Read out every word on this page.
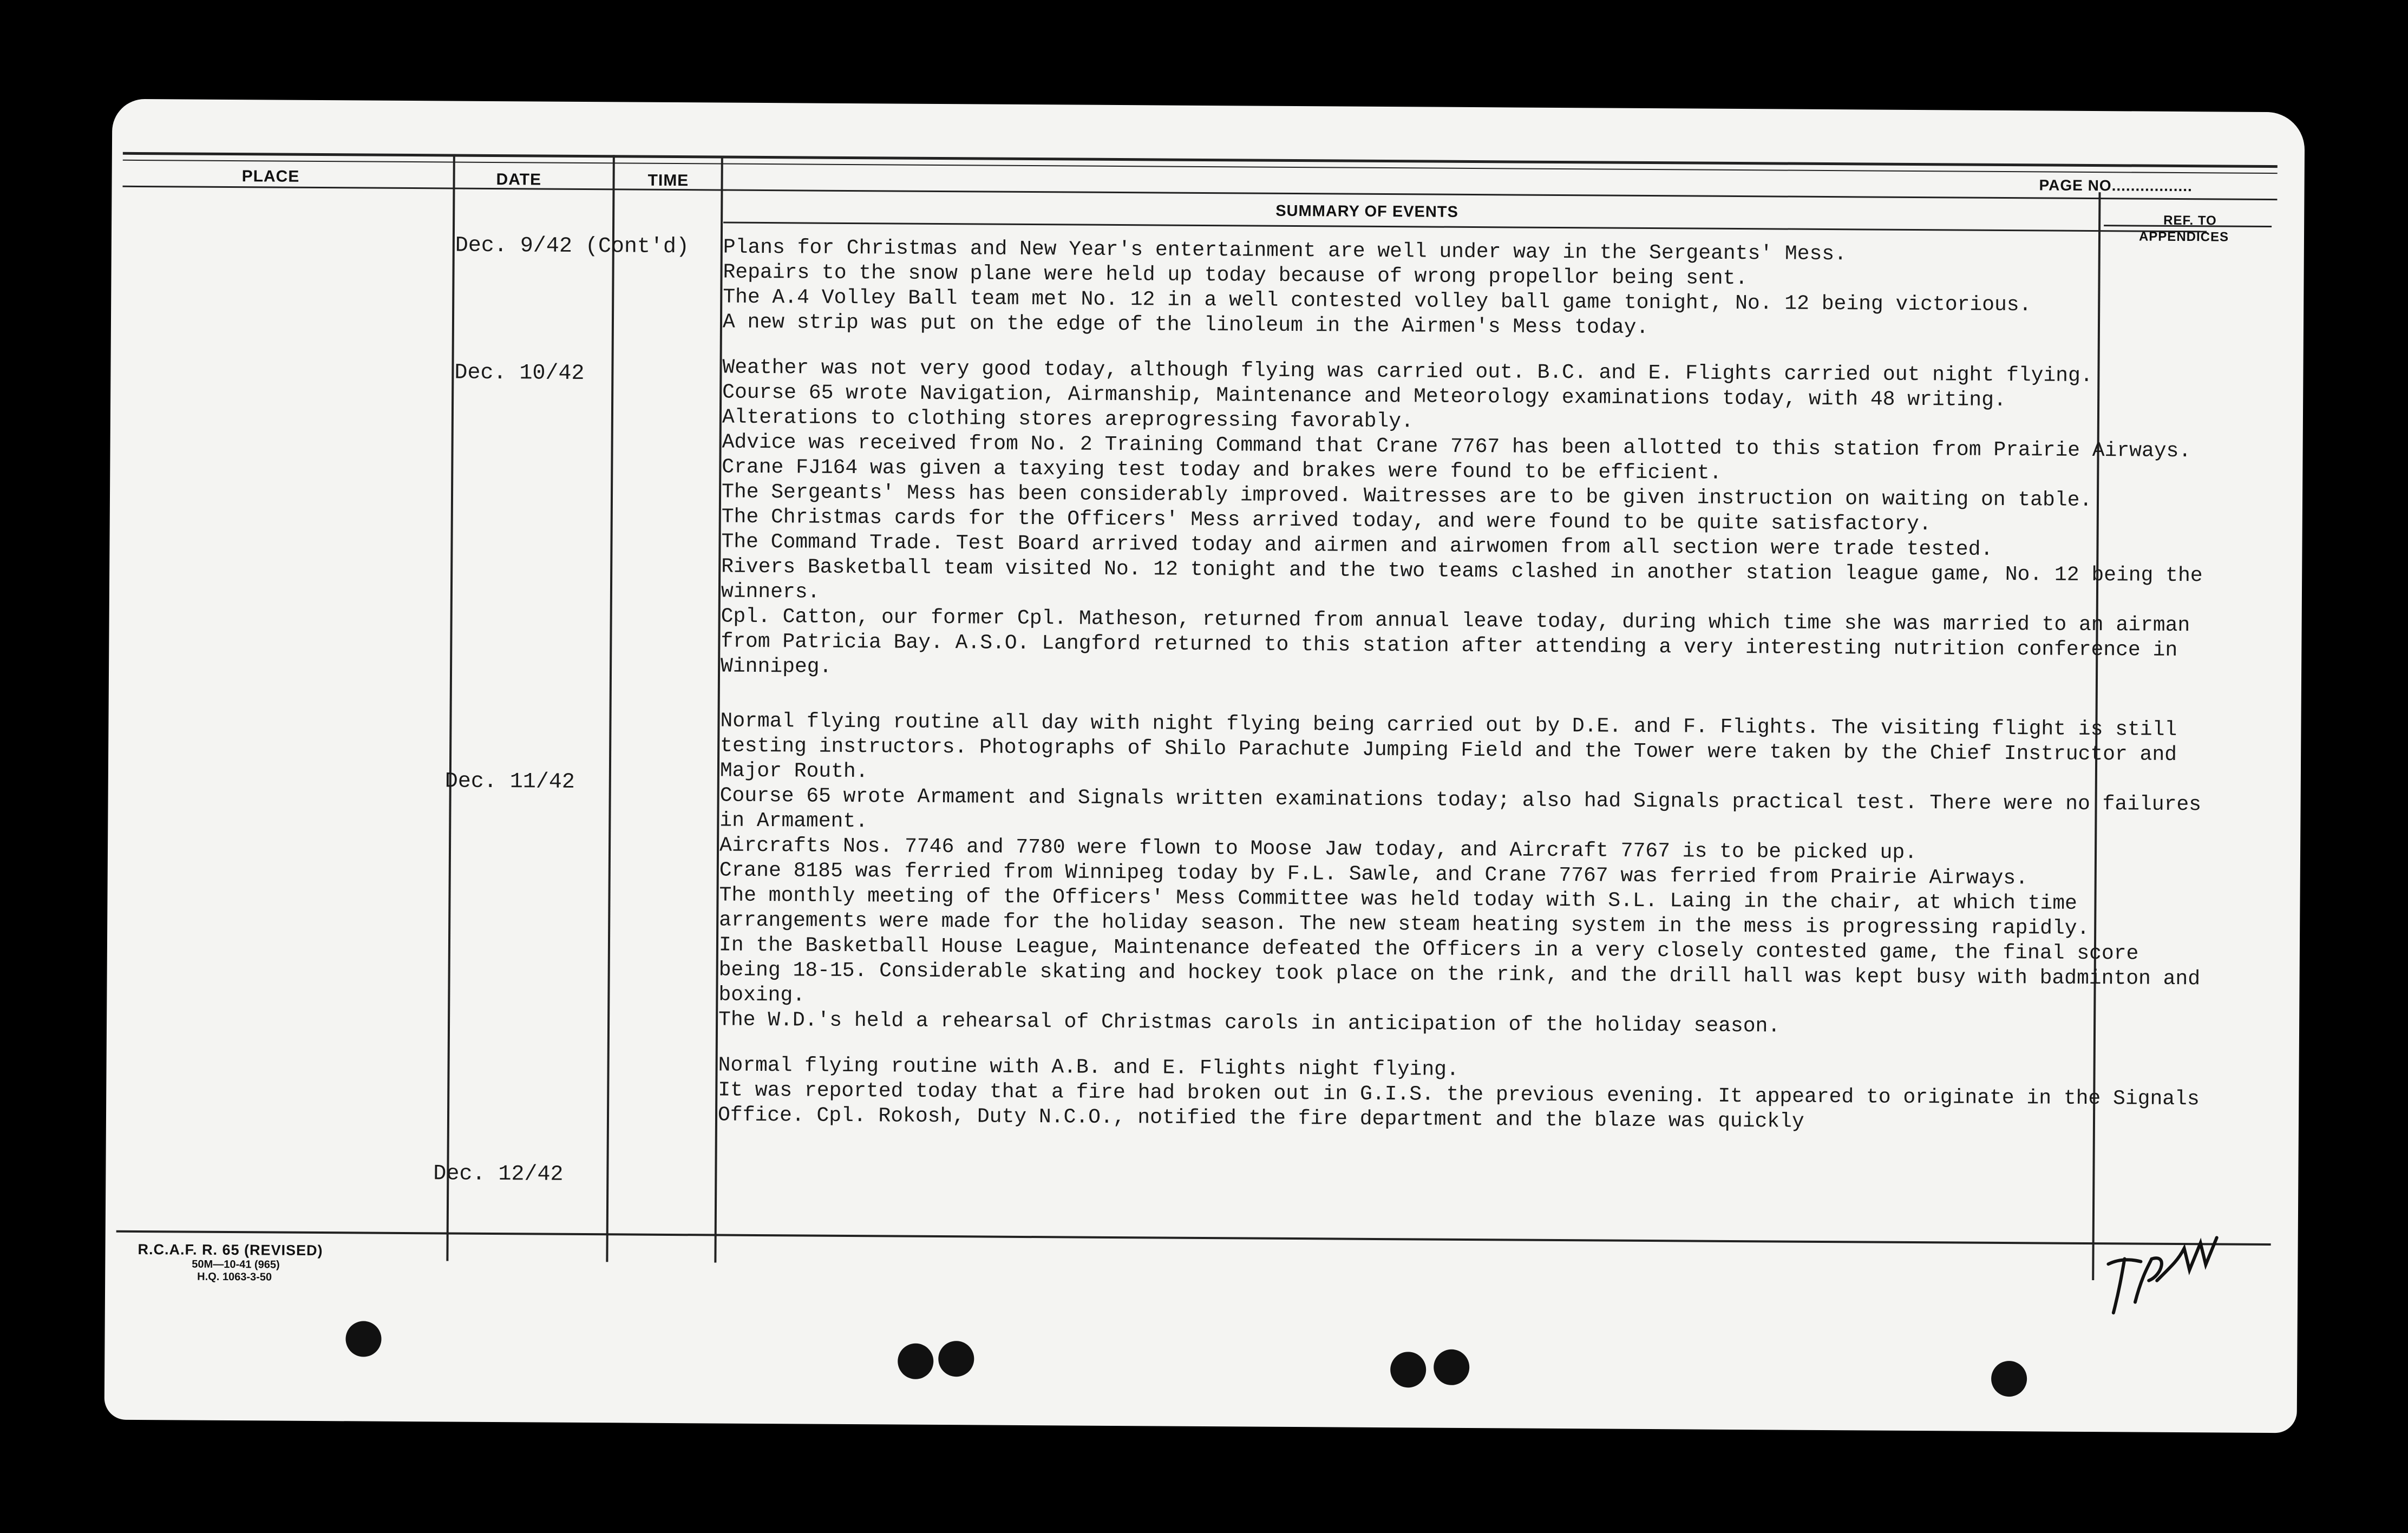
PLACE	DATE	TIME
SUMMARY OF EVENTS
PAGE NO.................
REF. TO
APPENDICES
Dec. 9/42 (Cont'd)
Dec. 10/42
Dec. 11/42
Dec. 12/42

Plans for Christmas and New Year's entertainment are well under way in the Sergeants' Mess.

Repairs to the snow plane were held up today because of wrong propellor being sent.

The A.4 Volley Ball team met No. 12 in a well contested volley ball game tonight, No. 12 being victorious.

A new strip was put on the edge of the linoleum in the Airmen's Mess today.

Weather was not very good today, although flying was carried out. B.C. and E. Flights carried out night flying.

Course 65 wrote Navigation, Airmanship, Maintenance and Meteorology examinations today, with 48 writing.

Alterations to clothing stores areprogressing favorably.

Advice was received from No. 2 Training Command that Crane 7767 has been allotted to this station from Prairie Airways. Crane FJ164 was given a taxying test today and brakes were found to be efficient.

The Sergeants' Mess has been considerably improved. Waitresses are to be given instruction on waiting on table.

The Christmas cards for the Officers' Mess arrived today, and were found to be quite satisfactory.

The Command Trade. Test Board arrived today and airmen and airwomen from all section were trade tested.

Rivers Basketball team visited No. 12 tonight and the two teams clashed in another station league game, No. 12 being the winners.

Cpl. Catton, our former Cpl. Matheson, returned from annual leave today, during which time she was married to an airman from Patricia Bay. A.S.O. Langford returned to this station after attending a very interesting nutrition conference in Winnipeg.

Normal flying routine all day with night flying being carried out by D.E. and F. Flights. The visiting flight is still testing instructors. Photographs of Shilo Parachute Jumping Field and the Tower were taken by the Chief Instructor and Major Routh.

Course 65 wrote Armament and Signals written examinations today; also had Signals practical test. There were no failures in Armament.

Aircrafts Nos. 7746 and 7780 were flown to Moose Jaw today, and Aircraft 7767 is to be picked up.

Crane 8185 was ferried from Winnipeg today by F.L. Sawle, and Crane 7767 was ferried from Prairie Airways.

The monthly meeting of the Officers' Mess Committee was held today with S.L. Laing in the chair, at which time arrangements were made for the holiday season. The new steam heating system in the mess is progressing rapidly.

In the Basketball House League, Maintenance defeated the Officers in a very closely contested game, the final score being 18-15. Considerable skating and hockey took place on the rink, and the drill hall was kept busy with badminton and boxing.

The W.D.'s held a rehearsal of Christmas carols in anticipation of the holiday season.

Normal flying routine with A.B. and E. Flights night flying.

It was reported today that a fire had broken out in G.I.S. the previous evening. It appeared to originate in the Signals Office. Cpl. Rokosh, Duty N.C.O., notified the fire department and the blaze was quickly

R.C.A.F. R. 65 (REVISED)
50M—10-41 (965)
H.Q. 1063-3-50
